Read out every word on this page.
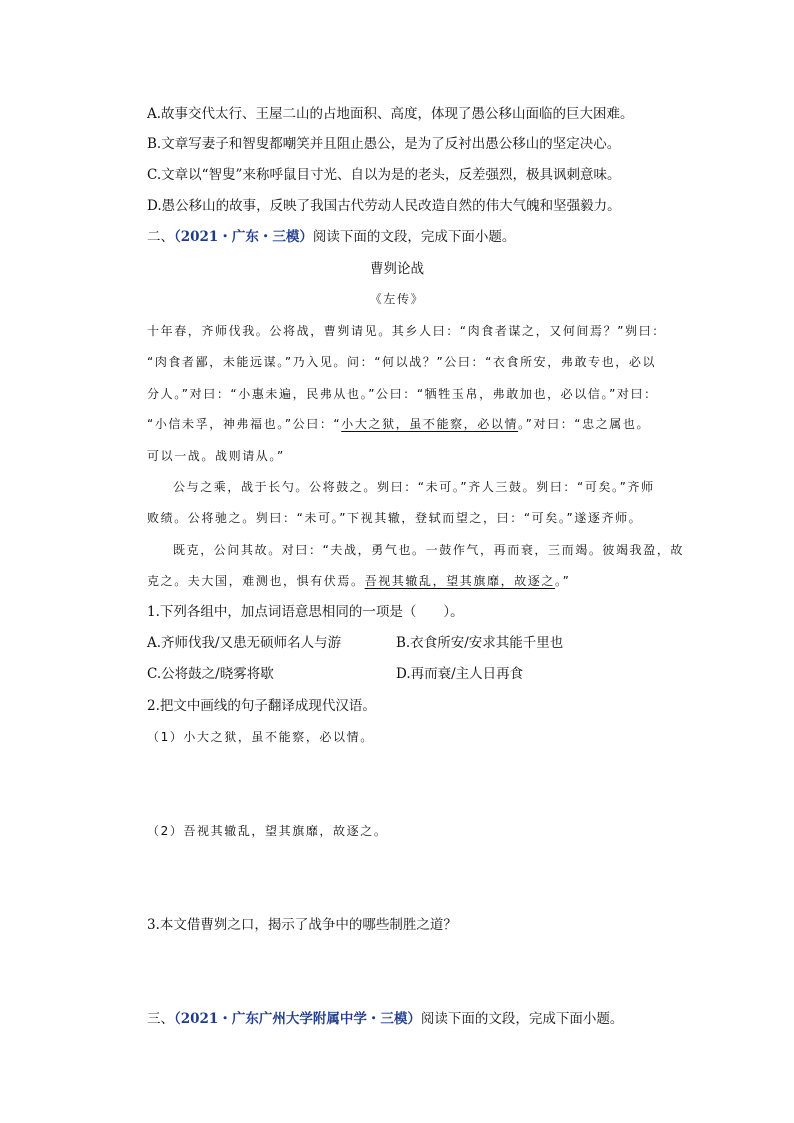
A.故事交代太行、王屋二山的占地面积、高度，体现了愚公移山面临的巨大困难。
B.文章写妻子和智叟都嘲笑并且阻止愚公，是为了反衬出愚公移山的坚定决心。
C.文章以“智叟”来称呼鼠目寸光、自以为是的老头，反差强烈，极具讽刺意味。
D.愚公移山的故事，反映了我国古代劳动人民改造自然的伟大气魄和坚强毅力。
二、（2021・广东・三模）阅读下面的文段，完成下面小题。
曹刿论战
《左传》
十年春，齐师伐我。公将战，曹刿请见。其乡人曰：“肉食者谋之，又何间焉？”刿曰：
“肉食者鄙，未能远谋。”乃入见。问：“何以战？”公曰：“衣食所安，弗敢专也，必以
分人。”对曰：“小惠未遍，民弗从也。”公曰：“牺牲玉帛，弗敢加也，必以信。”对曰：
“小信未孚，神弗福也。”公曰：“小大之狱，虽不能察，必以情。”对曰：“忠之属也。
可以一战。战则请从。”
公与之乘，战于长勺。公将鼓之。刿曰：“未可。”齐人三鼓。刿曰：“可矣。”齐师
败绩。公将驰之。刿曰：“未可。”下视其辙，登轼而望之，曰：“可矣。”遂逐齐师。
既克，公问其故。对曰：“夫战，勇气也。一鼓作气，再而衰，三而竭。彼竭我盈，故
克之。夫大国，难测也，惧有伏焉。吾视其辙乱，望其旗靡，故逐之。”
1.下列各组中，加点词语意思相同的一项是（　　）。
A.齐师伐我/又患无硕师名人与游	B.衣食所安/安求其能千里也
C.公将鼓之/晓雾将歇	D.再而衰/主人日再食
2.把文中画线的句子翻译成现代汉语。
（1）小大之狱，虽不能察，必以情。
（2）吾视其辙乱，望其旗靡，故逐之。
3.本文借曹刿之口，揭示了战争中的哪些制胜之道？
三、（2021・广东广州大学附属中学・三模）阅读下面的文段，完成下面小题。
